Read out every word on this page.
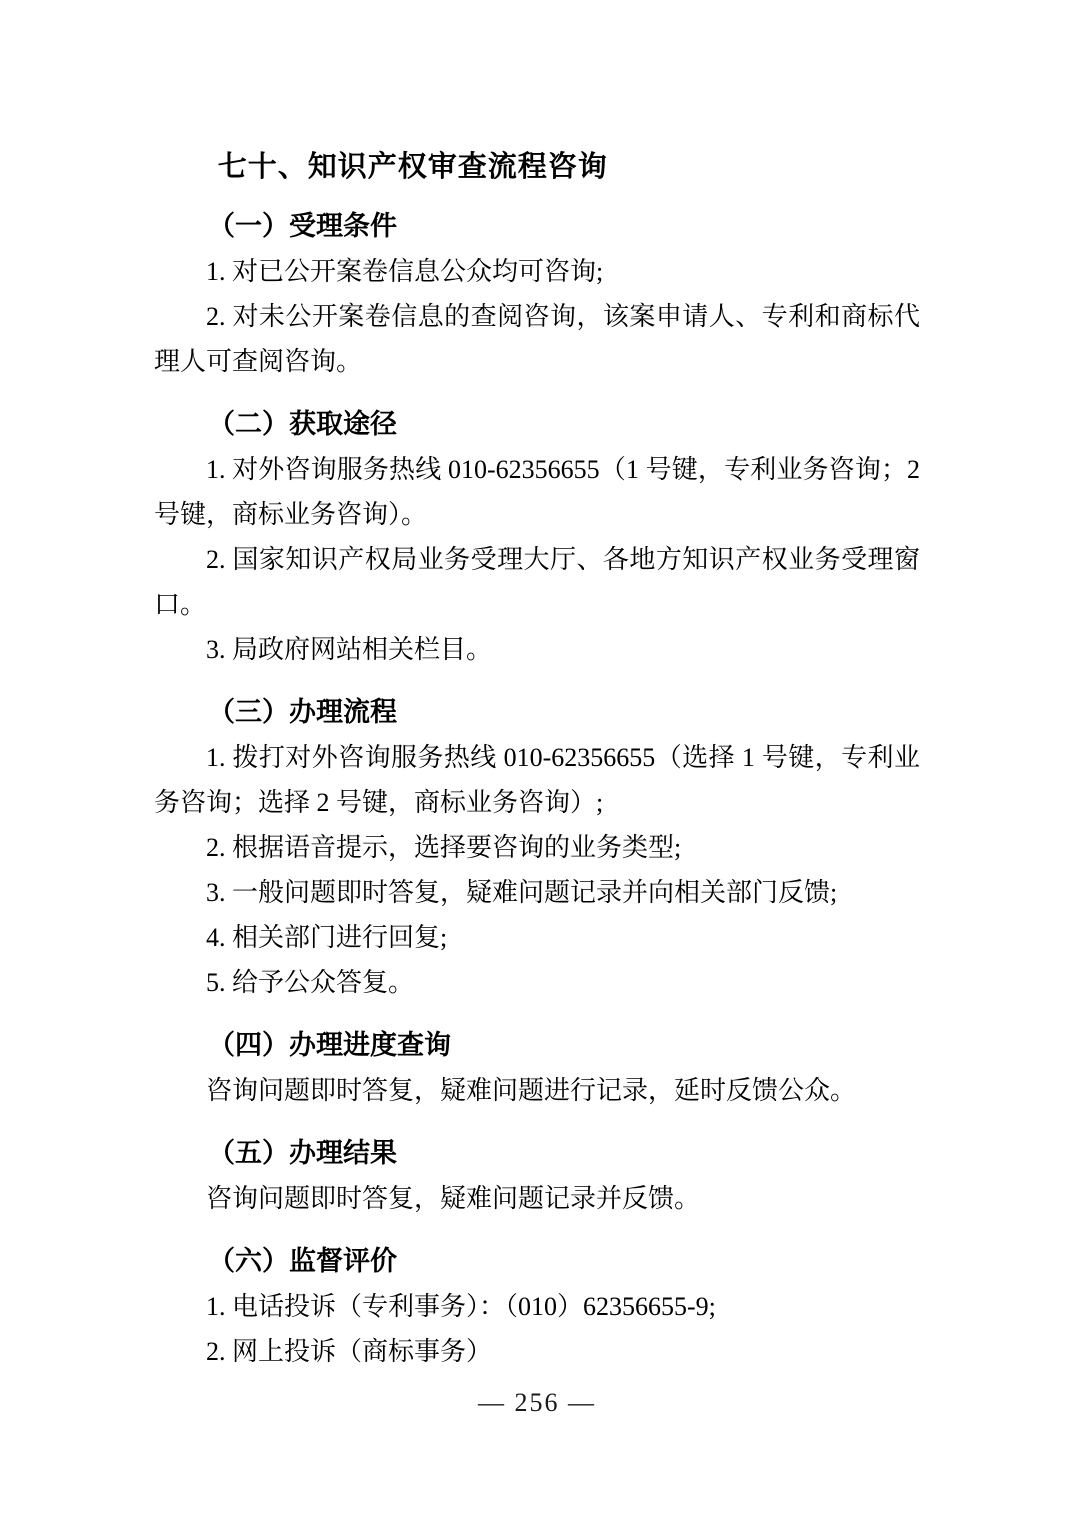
七十、知识产权审查流程咨询
（一）受理条件

1. 对已公开案卷信息公众均可咨询;

2. 对未公开案卷信息的查阅咨询，该案申请人、专利和商标代理人可查阅咨询。

（二）获取途径

1. 对外咨询服务热线 010-62356655（1 号键，专利业务咨询；2 号键，商标业务咨询）。

2. 国家知识产权局业务受理大厅、各地方知识产权业务受理窗口。

3. 局政府网站相关栏目。

（三）办理流程

1. 拨打对外咨询服务热线 010-62356655（选择 1 号键，专利业务咨询；选择 2 号键，商标业务咨询）;

2. 根据语音提示，选择要咨询的业务类型;

3. 一般问题即时答复，疑难问题记录并向相关部门反馈;

4. 相关部门进行回复;

5. 给予公众答复。

（四）办理进度查询

咨询问题即时答复，疑难问题进行记录，延时反馈公众。

（五）办理结果

咨询问题即时答复，疑难问题记录并反馈。

（六）监督评价

1. 电话投诉（专利事务）：（010）62356655-9;

2. 网上投诉（商标事务）

— 256 —
